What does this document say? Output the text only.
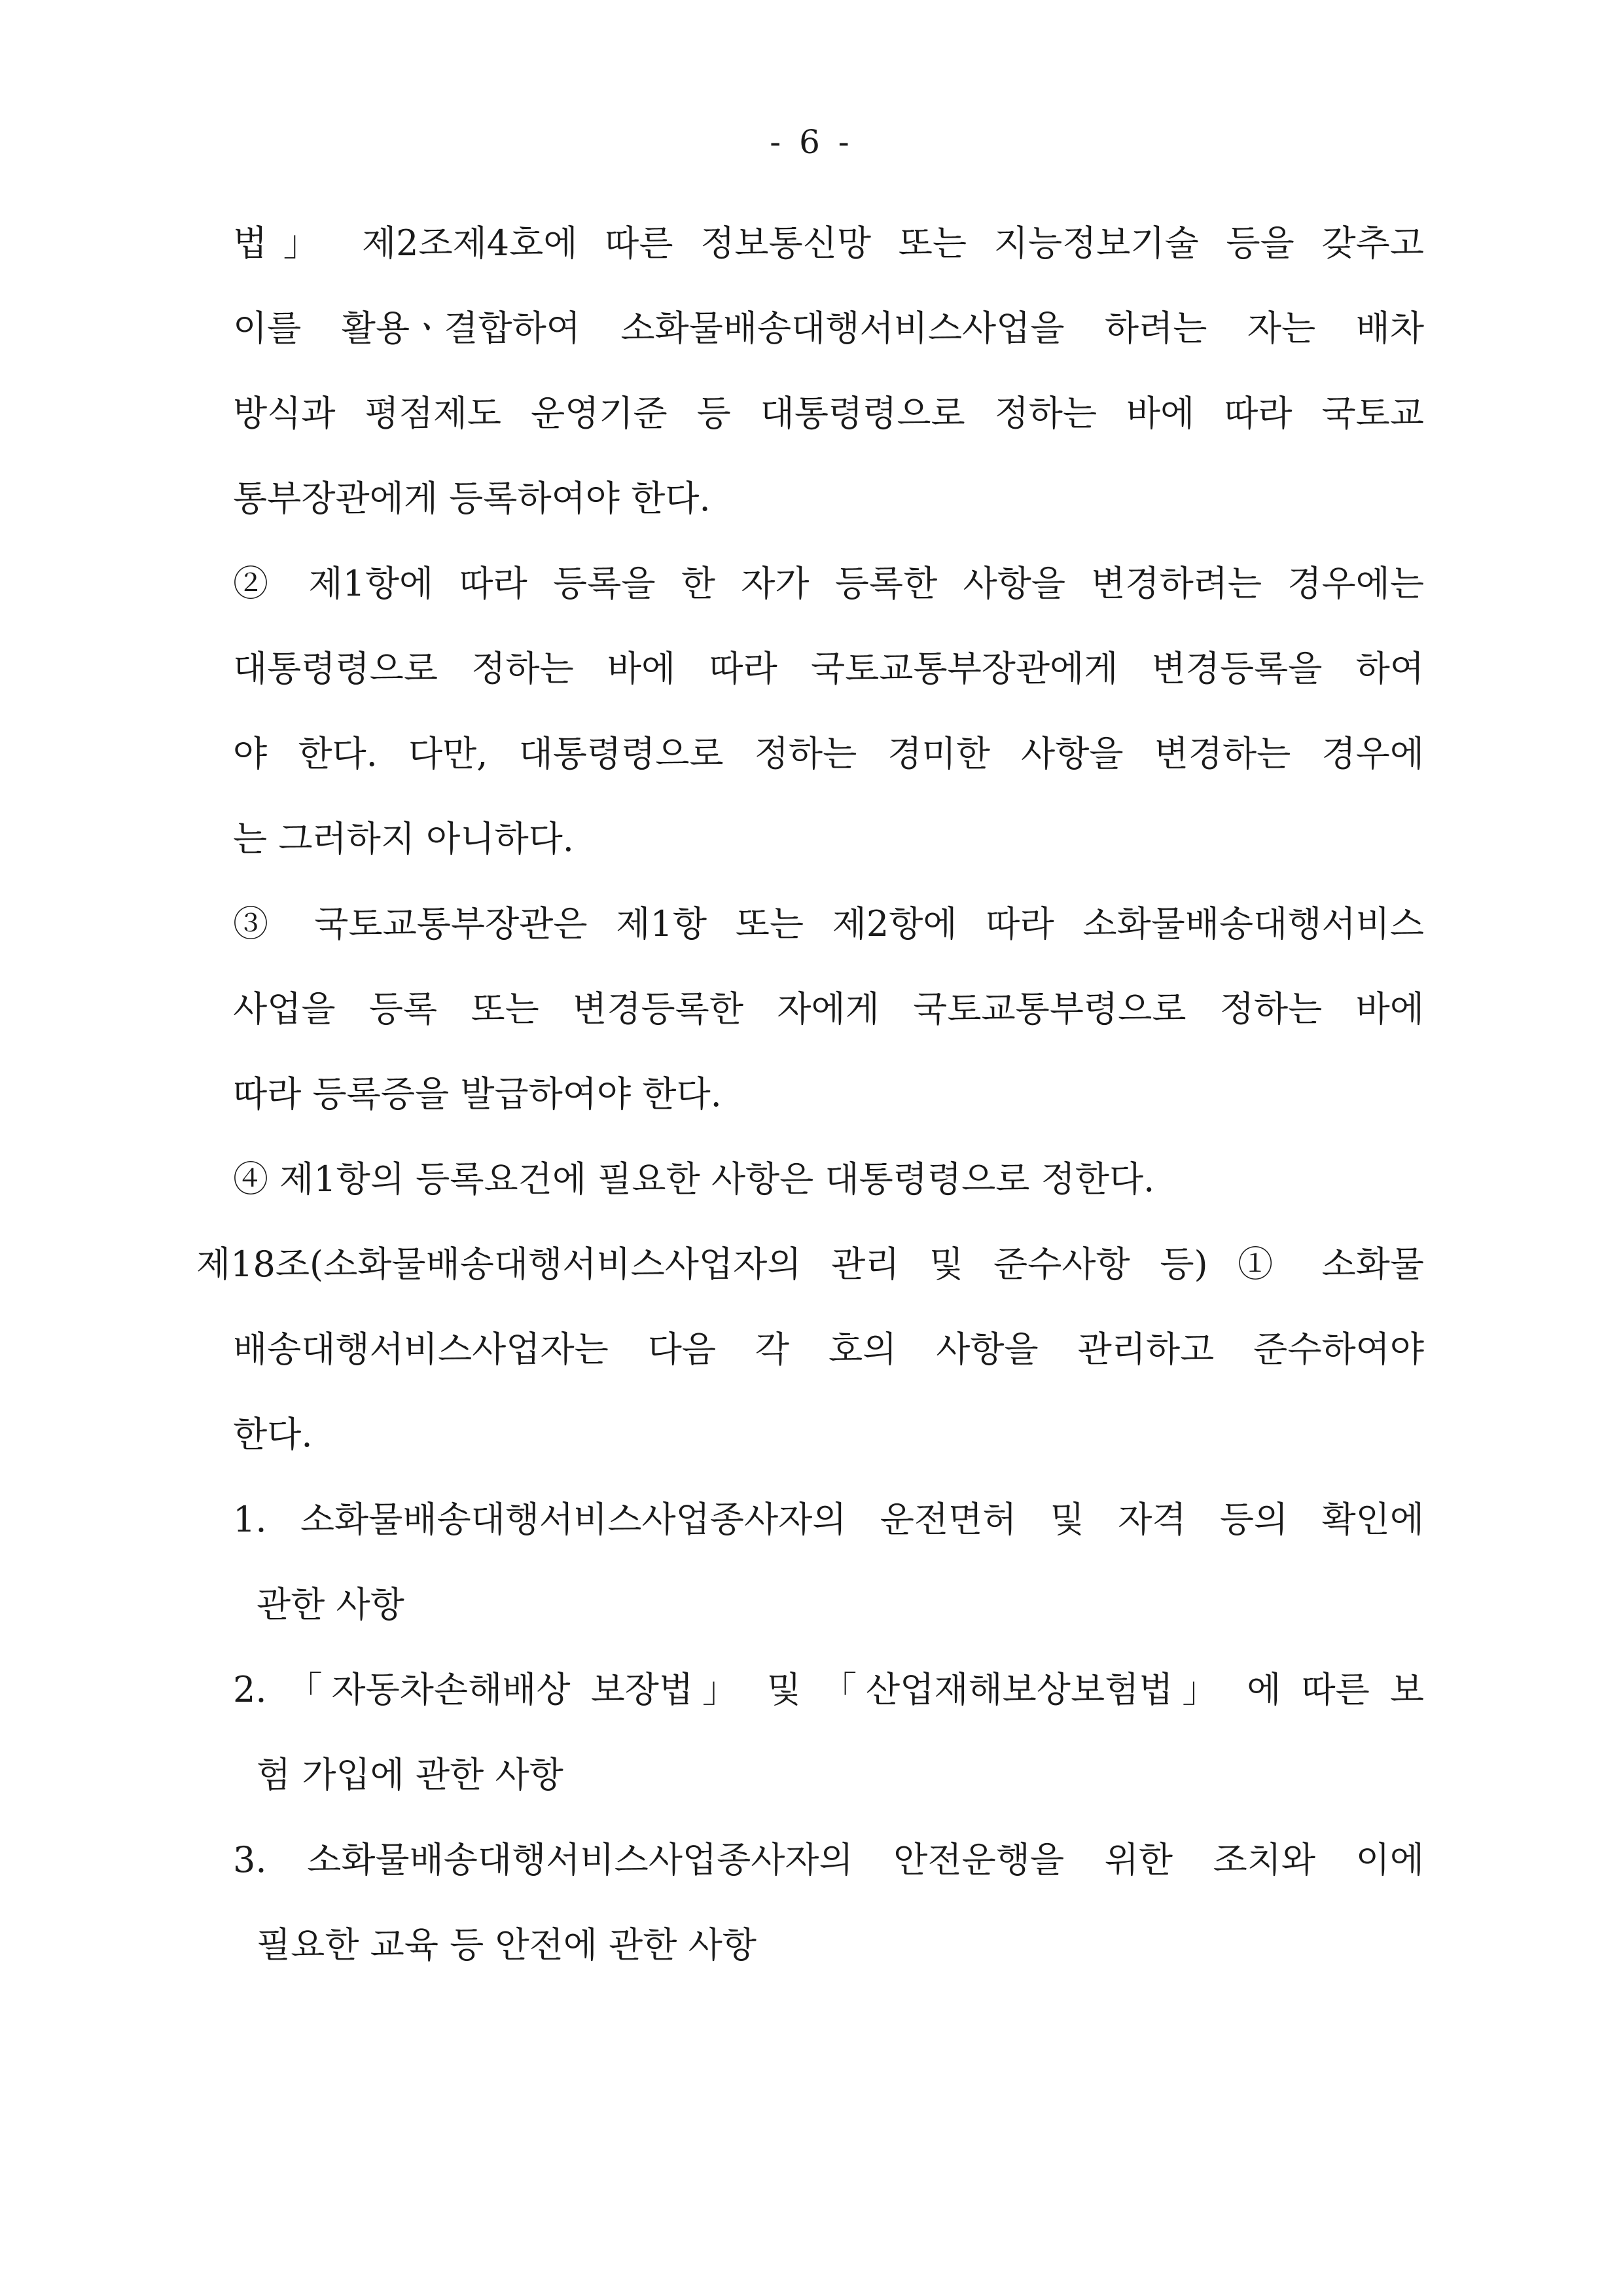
- 6 -
법」 제2조제4호에 따른 정보통신망 또는 지능정보기술 등을 갖추고
이를 활용ㆍ결합하여 소화물배송대행서비스사업을 하려는 자는 배차
방식과 평점제도 운영기준 등 대통령령으로 정하는 바에 따라 국토교
통부장관에게 등록하여야 한다.
② 제1항에 따라 등록을 한 자가 등록한 사항을 변경하려는 경우에는
대통령령으로 정하는 바에 따라 국토교통부장관에게 변경등록을 하여
야 한다. 다만, 대통령령으로 정하는 경미한 사항을 변경하는 경우에
는 그러하지 아니하다.
③ 국토교통부장관은 제1항 또는 제2항에 따라 소화물배송대행서비스
사업을 등록 또는 변경등록한 자에게 국토교통부령으로 정하는 바에
따라 등록증을 발급하여야 한다.
④ 제1항의 등록요건에 필요한 사항은 대통령령으로 정한다.
제18조(소화물배송대행서비스사업자의 관리 및 준수사항 등) ① 소화물
배송대행서비스사업자는 다음 각 호의 사항을 관리하고 준수하여야
한다.
1. 소화물배송대행서비스사업종사자의 운전면허 및 자격 등의 확인에
관한 사항
2. 「자동차손해배상 보장법」 및 「산업재해보상보험법」 에 따른 보
험 가입에 관한 사항
3. 소화물배송대행서비스사업종사자의 안전운행을 위한 조치와 이에
필요한 교육 등 안전에 관한 사항
